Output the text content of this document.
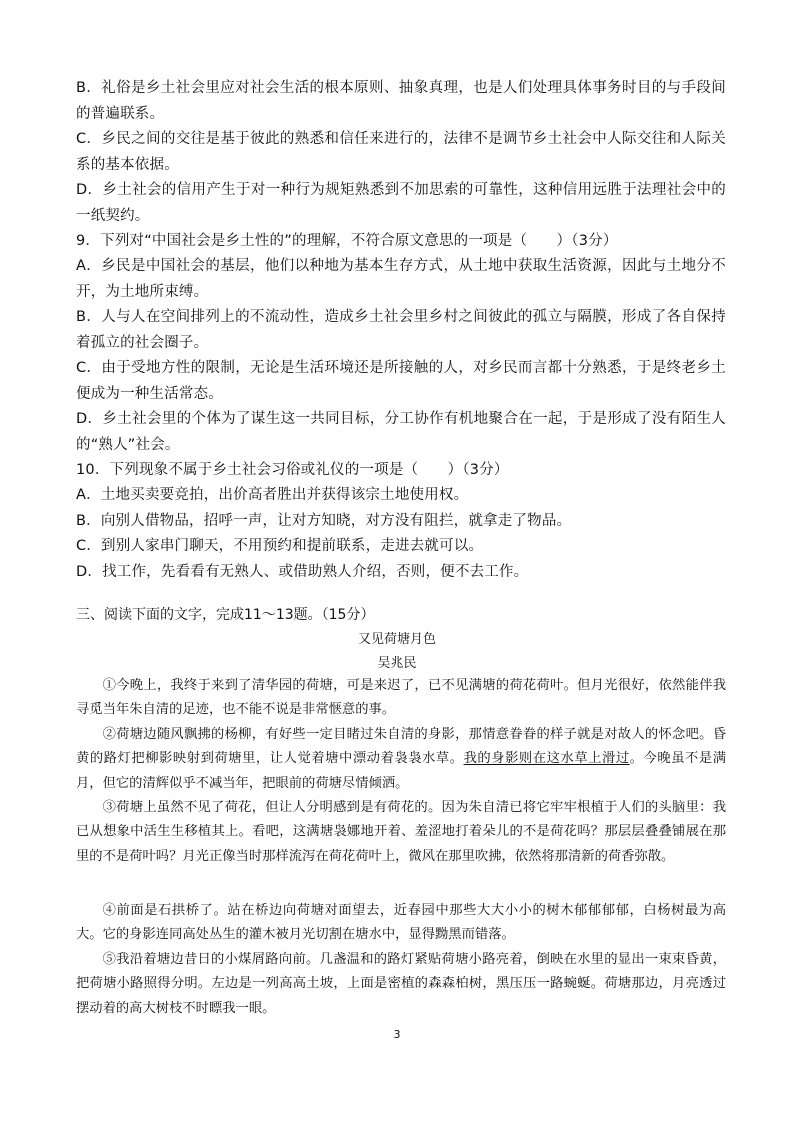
B．礼俗是乡土社会里应对社会生活的根本原则、抽象真理，也是人们处理具体事务时目的与手段间的普遍联系。
C．乡民之间的交往是基于彼此的熟悉和信任来进行的，法律不是调节乡土社会中人际交往和人际关系的基本依据。
D．乡土社会的信用产生于对一种行为规矩熟悉到不加思索的可靠性，这种信用远胜于法理社会中的一纸契约。
9．下列对“中国社会是乡土性的”的理解，不符合原文意思的一项是（　　）（3分）
A．乡民是中国社会的基层，他们以种地为基本生存方式，从土地中获取生活资源，因此与土地分不开，为土地所束缚。
B．人与人在空间排列上的不流动性，造成乡土社会里乡村之间彼此的孤立与隔膜，形成了各自保持着孤立的社会圈子。
C．由于受地方性的限制，无论是生活环境还是所接触的人，对乡民而言都十分熟悉，于是终老乡土便成为一种生活常态。
D．乡土社会里的个体为了谋生这一共同目标，分工协作有机地聚合在一起，于是形成了没有陌生人的“熟人”社会。
10．下列现象不属于乡土社会习俗或礼仪的一项是（　　）（3分）
A．土地买卖要竞拍，出价高者胜出并获得该宗土地使用权。
B．向别人借物品，招呼一声，让对方知晓，对方没有阻拦，就拿走了物品。
C．到别人家串门聊天，不用预约和提前联系，走进去就可以。
D．找工作，先看看有无熟人、或借助熟人介绍，否则，便不去工作。
三、阅读下面的文字，完成11～13题。（15分）
又见荷塘月色
吴兆民
①今晚上，我终于来到了清华园的荷塘，可是来迟了，已不见满塘的荷花荷叶。但月光很好，依然能伴我寻觅当年朱自清的足迹，也不能不说是非常惬意的事。
②荷塘边随风飘拂的杨柳，有好些一定目睹过朱自清的身影，那情意眷眷的样子就是对故人的怀念吧。昏黄的路灯把柳影映射到荷塘里，让人觉着塘中漂动着袅袅水草。我的身影则在这水草上滑过。今晚虽不是满月，但它的清辉似乎不减当年，把眼前的荷塘尽情倾洒。
③荷塘上虽然不见了荷花，但让人分明感到是有荷花的。因为朱自清已将它牢牢根植于人们的头脑里：我已从想象中活生生移植其上。看吧，这满塘袅娜地开着、羞涩地打着朵儿的不是荷花吗？那层层叠叠铺展在那里的不是荷叶吗？月光正像当时那样流泻在荷花荷叶上，微风在那里吹拂，依然将那清新的荷香弥散。
④前面是石拱桥了。站在桥边向荷塘对面望去，近春园中那些大大小小的树木郁郁郁郁，白杨树最为高大。它的身影连同高处丛生的灌木被月光切割在塘水中，显得黝黑而错落。
⑤我沿着塘边昔日的小煤屑路向前。几盏温和的路灯紧贴荷塘小路亮着，倒映在水里的显出一束束昏黄，把荷塘小路照得分明。左边是一列高高土坡，上面是密植的森森柏树，黑压压一路蜿蜒。荷塘那边，月亮透过摆动着的高大树枝不时瞟我一眼。
3
